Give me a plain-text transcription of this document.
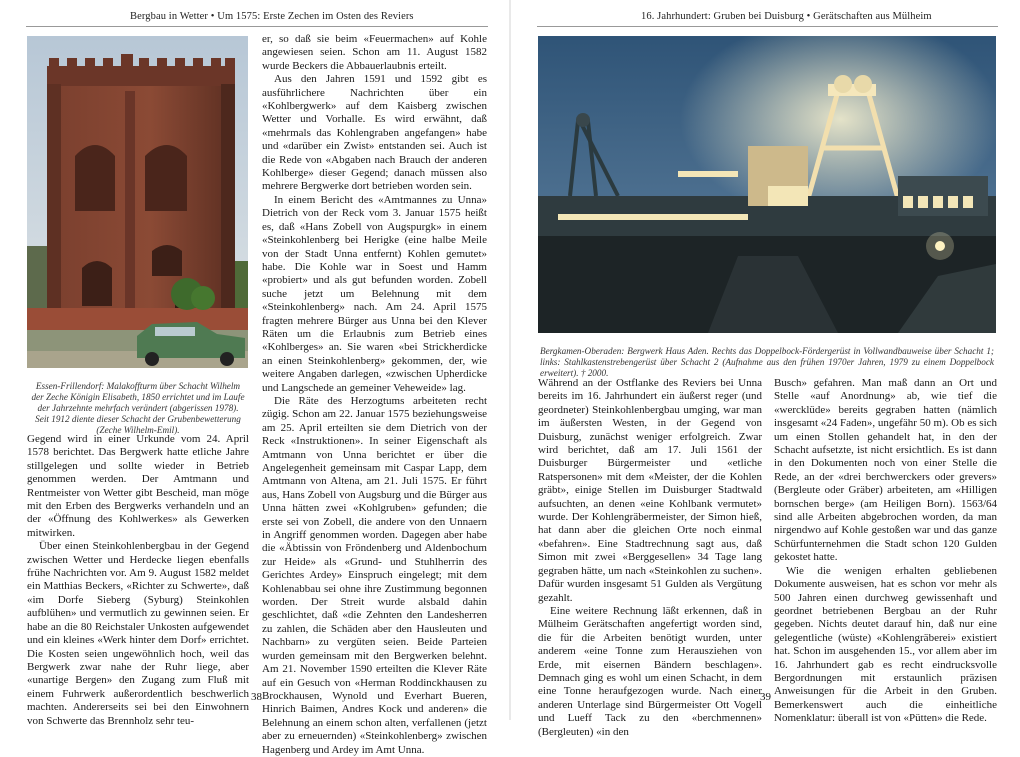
Bergbau in Wetter • Um 1575: Erste Zechen im Osten des Reviers
Essen-Frillendorf: Malakoffturm über Schacht Wilhelm der Zeche Königin Elisabeth, 1850 errichtet und im Laufe der Jahrzehnte mehrfach verändert (abgerissen 1978). Seit 1912 diente dieser Schacht der Grubenbewetterung (Zeche Wilhelm-Emil).

Gegend wird in einer Urkunde vom 24. April 1578 berichtet. Das Bergwerk hatte etliche Jahre stillgelegen und sollte wieder in Betrieb genommen werden. Der Amtmann und Rentmeister von Wetter gibt Bescheid, man möge mit den Erben des Bergwerks verhandeln und an der «Öffnung des Kohlwerkes» als Gewerken mitwirken.

Über einen Steinkohlenbergbau in der Gegend zwischen Wetter und Herdecke liegen ebenfalls frühe Nachrichten vor. Am 9. August 1582 meldet ein Matthias Beckers, «Richter zu Schwerte», daß «im Dorfe Sieberg (Syburg) Steinkohlen aufblühen» und vermutlich zu gewinnen seien. Er habe an die 80 Reichstaler Unkosten aufgewendet und ein kleines «Werk hinter dem Dorf» errichtet. Die Kosten seien ungewöhnlich hoch, weil das Bergwerk zwar nahe der Ruhr liege, aber «unartige Bergen» den Zugang zum Fluß mit einem Fuhrwerk außerordentlich beschwerlich machten. Andererseits sei bei den Einwohnern von Schwerte das Brennholz sehr teu-

er, so daß sie beim «Feuermachen» auf Kohle angewiesen seien. Schon am 11. August 1582 wurde Beckers die Abbauerlaubnis erteilt.

Aus den Jahren 1591 und 1592 gibt es ausführlichere Nachrichten über ein «Kohlbergwerk» auf dem Kaisberg zwischen Wetter und Vorhalle. Es wird erwähnt, daß «mehrmals das Kohlengraben angefangen» habe und «darüber ein Zwist» entstanden sei. Auch ist die Rede von «Abgaben nach Brauch der anderen Kohlberge» dieser Gegend; danach müssen also mehrere Bergwerke dort betrieben worden sein.

In einem Bericht des «Amtmannes zu Unna» Dietrich von der Reck vom 3. Januar 1575 heißt es, daß «Hans Zobell von Augspurgk» in einem «Steinkohlenberg bei Herigke (eine halbe Meile von der Stadt Unna entfernt) Kohlen gemutet» habe. Die Kohle war in Soest und Hamm «probiert» und als gut befunden worden. Zobell suche jetzt um Belehnung mit dem «Steinkohlenberg» nach. Am 24. April 1575 fragten mehrere Bürger aus Unna bei den Klever Räten um die Erlaubnis zum Betrieb eines «Kohlberges» an. Sie waren «bei Strickherdicke an einen Steinkohlenberg» gekommen, der, wie weitere Angaben darlegen, «zwischen Upherdicke und Langschede an gemeiner Veheweide» lag.

Die Räte des Herzogtums arbeiteten recht zügig. Schon am 22. Januar 1575 beziehungsweise am 25. April erteilten sie dem Dietrich von der Reck «Instruktionen». In seiner Eigenschaft als Amtmann von Unna berichtet er über die Angelegenheit gemeinsam mit Caspar Lapp, dem Amtmann von Altena, am 21. Juli 1575. Er führt aus, Hans Zobell von Augsburg und die Bürger aus Unna hätten zwei «Kohlgruben» gefunden; die erste sei von Zobell, die andere von den Unnaern in Angriff genommen worden. Dagegen aber habe die «Äbtissin von Fröndenberg und Aldenbochum zur Heide» als «Grund- und Stuhlherrin des Gerichtes Ardey» Einspruch eingelegt; mit dem Kohlenabbau sei ohne ihre Zustimmung begonnen worden. Der Streit wurde alsbald dahin geschlichtet, daß «die Zehnten den Landesherren zu zahlen, die Schäden aber den Hausleuten und Nachbarn» zu vergüten seien. Beide Parteien wurden gemeinsam mit den Bergwerken belehnt. Am 21. November 1590 erteilten die Klever Räte auf ein Gesuch von «Herman Roddinckhausen zu Brockhausen, Wynold und Everhart Bueren, Hinrich Baimen, Andres Kock und anderen» die Belehnung an einem schon alten, verfallenen (jetzt aber zu erneuernden) «Steinkohlenberg» zwischen Hagenberg und Ardey im Amt Unna.

38
16. Jahrhundert: Gruben bei Duisburg • Gerätschaften aus Mülheim
Bergkamen-Oberaden: Bergwerk Haus Aden. Rechts das Doppelbock-Fördergerüst in Vollwandbauweise über Schacht 1; links: Stahlkastenstrebengerüst über Schacht 2 (Aufnahme aus den frühen 1970er Jahren, 1979 zu einem Doppelbock erweitert). † 2000.

Während an der Ostflanke des Reviers bei Unna bereits im 16. Jahrhundert ein äußerst reger (und geordneter) Steinkohlenbergbau umging, war man im äußersten Westen, in der Gegend von Duisburg, zunächst weniger erfolgreich. Zwar wird berichtet, daß am 17. Juli 1561 der Duisburger Bürgermeister und «etliche Ratspersonen» mit dem «Meister, der die Kohlen gräbt», einige Stellen im Duisburger Stadtwald aufsuchten, an denen «eine Kohlbank vermutet» wurde. Der Kohlengräbermeister, der Simon hieß, hat dann aber die gleichen Orte noch einmal «befahren». Eine Stadtrechnung sagt aus, daß Simon mit zwei «Berggesellen» 34 Tage lang gegraben hätte, um nach «Steinkohlen zu suchen». Dafür wurden insgesamt 51 Gulden als Vergütung gezahlt.

Eine weitere Rechnung läßt erkennen, daß in Mülheim Gerätschaften angefertigt worden sind, die für die Arbeiten benötigt wurden, unter anderem «eine Tonne zum Herausziehen von Erde, mit eisernen Bändern beschlagen». Demnach ging es wohl um einen Schacht, in dem eine Tonne heraufgezogen wurde. Nach einer anderen Unterlage sind Bürgermeister Ott Vogell und Lueff Tack zu den «berchmennen» (Bergleuten) «in den

Busch» gefahren. Man maß dann an Ort und Stelle «auf Anordnung» ab, wie tief die «wercklüde» bereits gegraben hatten (nämlich insgesamt «24 Faden», ungefähr 50 m). Ob es sich um einen Stollen gehandelt hat, in den der Schacht aufsetzte, ist nicht ersichtlich. Es ist dann in den Dokumenten noch von einer Stelle die Rede, an der «drei berchwerckers oder grevers» (Bergleute oder Gräber) arbeiteten, am «Hilligen bornschen berge» (am Heiligen Born). 1563/64 sind alle Arbeiten abgebrochen worden, da man nirgendwo auf Kohle gestoßen war und das ganze Schürfunternehmen die Stadt schon 120 Gulden gekostet hatte.

Wie die wenigen erhalten gebliebenen Dokumente ausweisen, hat es schon vor mehr als 500 Jahren einen durchweg gewissenhaft und geordnet betriebenen Bergbau an der Ruhr gegeben. Nichts deutet darauf hin, daß nur eine gelegentliche (wüste) «Kohlengräberei» existiert hat. Schon im ausgehenden 15., vor allem aber im 16. Jahrhundert gab es recht eindrucksvolle Bergordnungen mit erstaunlich präzisen Anweisungen für die Arbeit in den Gruben. Bemerkenswert auch die einheitliche Nomenklatur: überall ist von «Pütten» die Rede.

39
